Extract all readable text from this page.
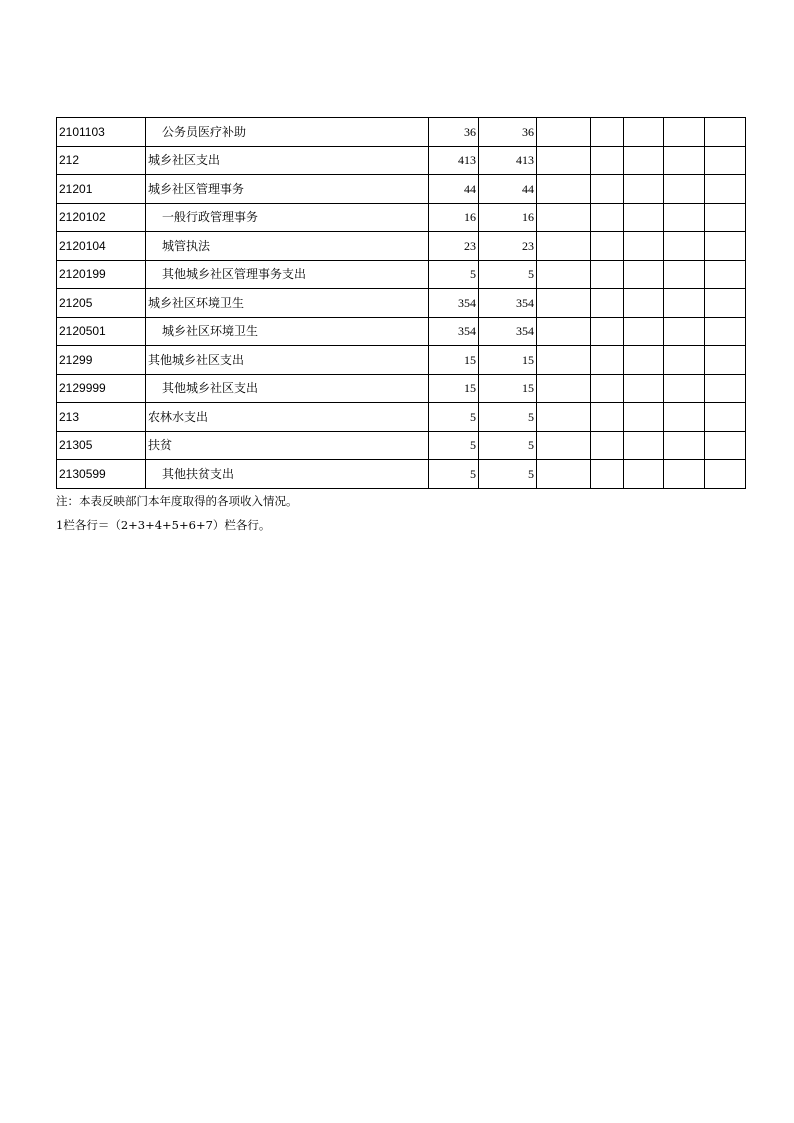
2101103	公务员医疗补助	36	36					
212	城乡社区支出	413	413					
21201	城乡社区管理事务	44	44					
2120102	一般行政管理事务	16	16					
2120104	城管执法	23	23					
2120199	其他城乡社区管理事务支出	5	5					
21205	城乡社区环境卫生	354	354					
2120501	城乡社区环境卫生	354	354					
21299	其他城乡社区支出	15	15					
2129999	其他城乡社区支出	15	15					
213	农林水支出	5	5					
21305	扶贫	5	5					
2130599	其他扶贫支出	5	5					
注：本表反映部门本年度取得的各项收入情况。
1栏各行＝（2+3+4+5+6+7）栏各行。
